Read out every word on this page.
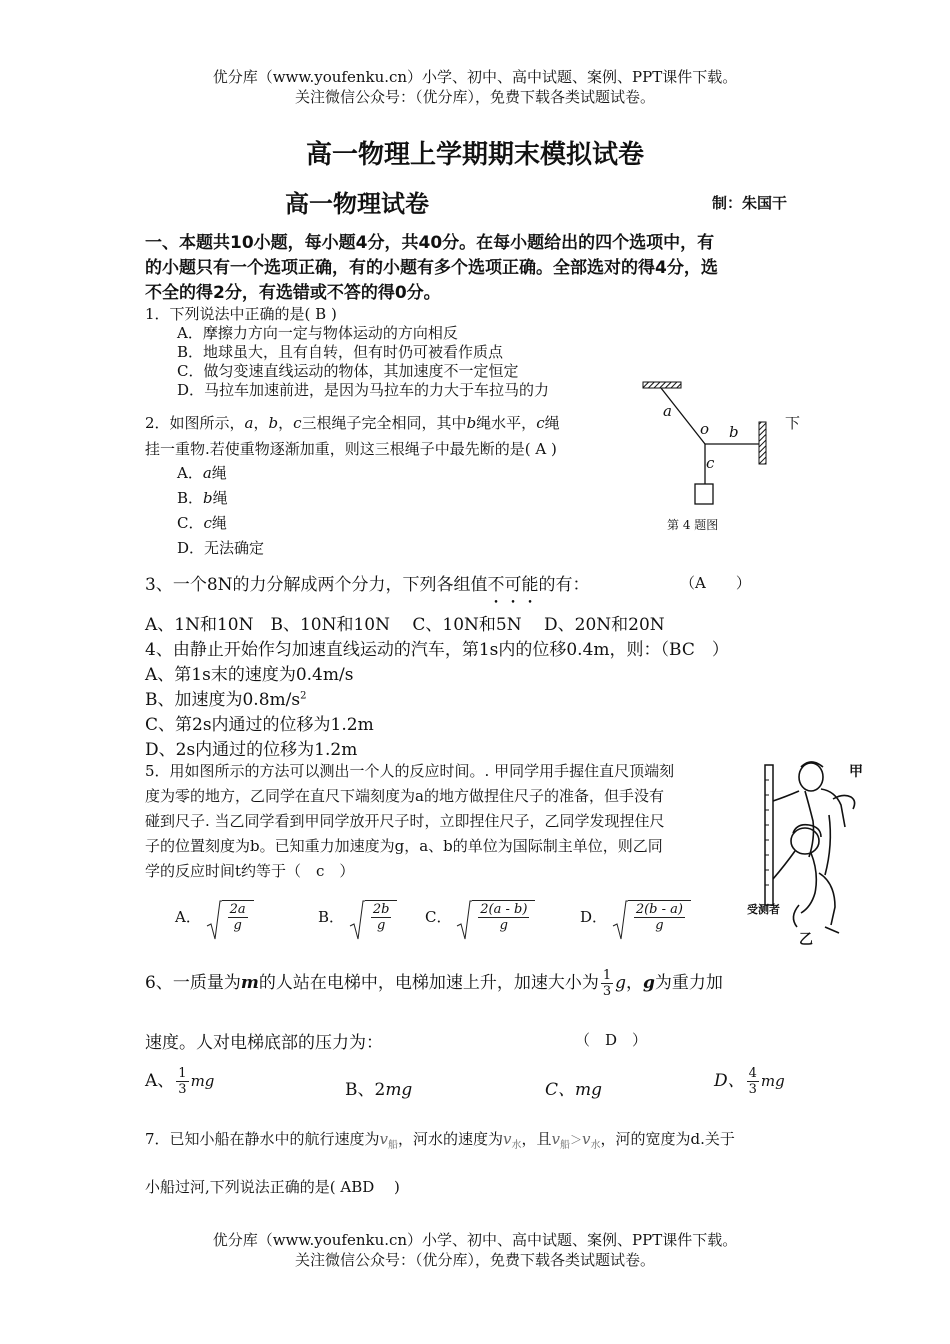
优分库（www.youfenku.cn）小学、初中、高中试题、案例、PPT课件下载。
关注微信公众号：（优分库），免费下载各类试题试卷。
高一物理上学期期末模拟试卷
高一物理试卷	制：朱国干
一、本题共10小题，每小题4分，共40分。在每小题给出的四个选项中，有
的小题只有一个选项正确，有的小题有多个选项正确。全部选对的得4分，选
不全的得2分，有选错或不答的得0分。
1．下列说法中正确的是( B )
A．摩擦力方向一定与物体运动的方向相反
B．地球虽大，且有自转，但有时仍可被看作质点
C．做匀变速直线运动的物体，其加速度不一定恒定
D．马拉车加速前进，是因为马拉车的力大于车拉马的力
2．如图所示，a，b，c三根绳子完全相同，其中b绳水平，c绳	下
挂一重物.若使重物逐渐加重，则这三根绳子中最先断的是( A )
A．a绳
B．b绳
C．c绳
D．无法确定
a
o b
c
第 4 题图
3、一个8N的力分解成两个分力，下列各组值不可能的有：	（A　　）
A、1N和10N　B、10N和10N　 C、10N和5N　 D、20N和20N
4、由静止开始作匀加速直线运动的汽车，第1s内的位移0.4m，则：（BC　）
A、第1s末的速度为0.4m/s
B、加速度为$0.8m/s^2$
C、第2s内通过的位移为1.2m
D、2s内通过的位移为1.2m
5．用如图所示的方法可以测出一个人的反应时间。. 甲同学用手握住直尺顶端刻
度为零的地方，乙同学在直尺下端刻度为a的地方做捏住尺子的准备，但手没有
碰到尺子. 当乙同学看到甲同学放开尺子时，立即捏住尺子，乙同学发现捏住尺
子的位置刻度为b。已知重力加速度为g，a、b的单位为国际制主单位，则乙同
学的反应时间t约等于（　c　）
A． $\frac{2a}{g}$	B． $\frac{2b}{g}$ C． $\frac{2(a - b)}{g}$	D． $\frac{2(b - a)}{g}$
甲
受测者
乙
6、一质量为m的人站在电梯中，电梯加速上升，加速大小为 $\frac{1}{3}$ g，g为重力加
速度。人对电梯底部的压力为：	（　D　）
A、 $\frac{1}{3}$ mg	B、2mg	C、mg	D、 $\frac{4}{3}$ mg
7．已知小船在静水中的航行速度为$v_船$，河水的速度为$v_水$，且$v_船>v_水$，河的宽度为d.关于
小船过河,下列说法正确的是( ABD　 )
优分库（www.youfenku.cn）小学、初中、高中试题、案例、PPT课件下载。
关注微信公众号：（优分库），免费下载各类试题试卷。
